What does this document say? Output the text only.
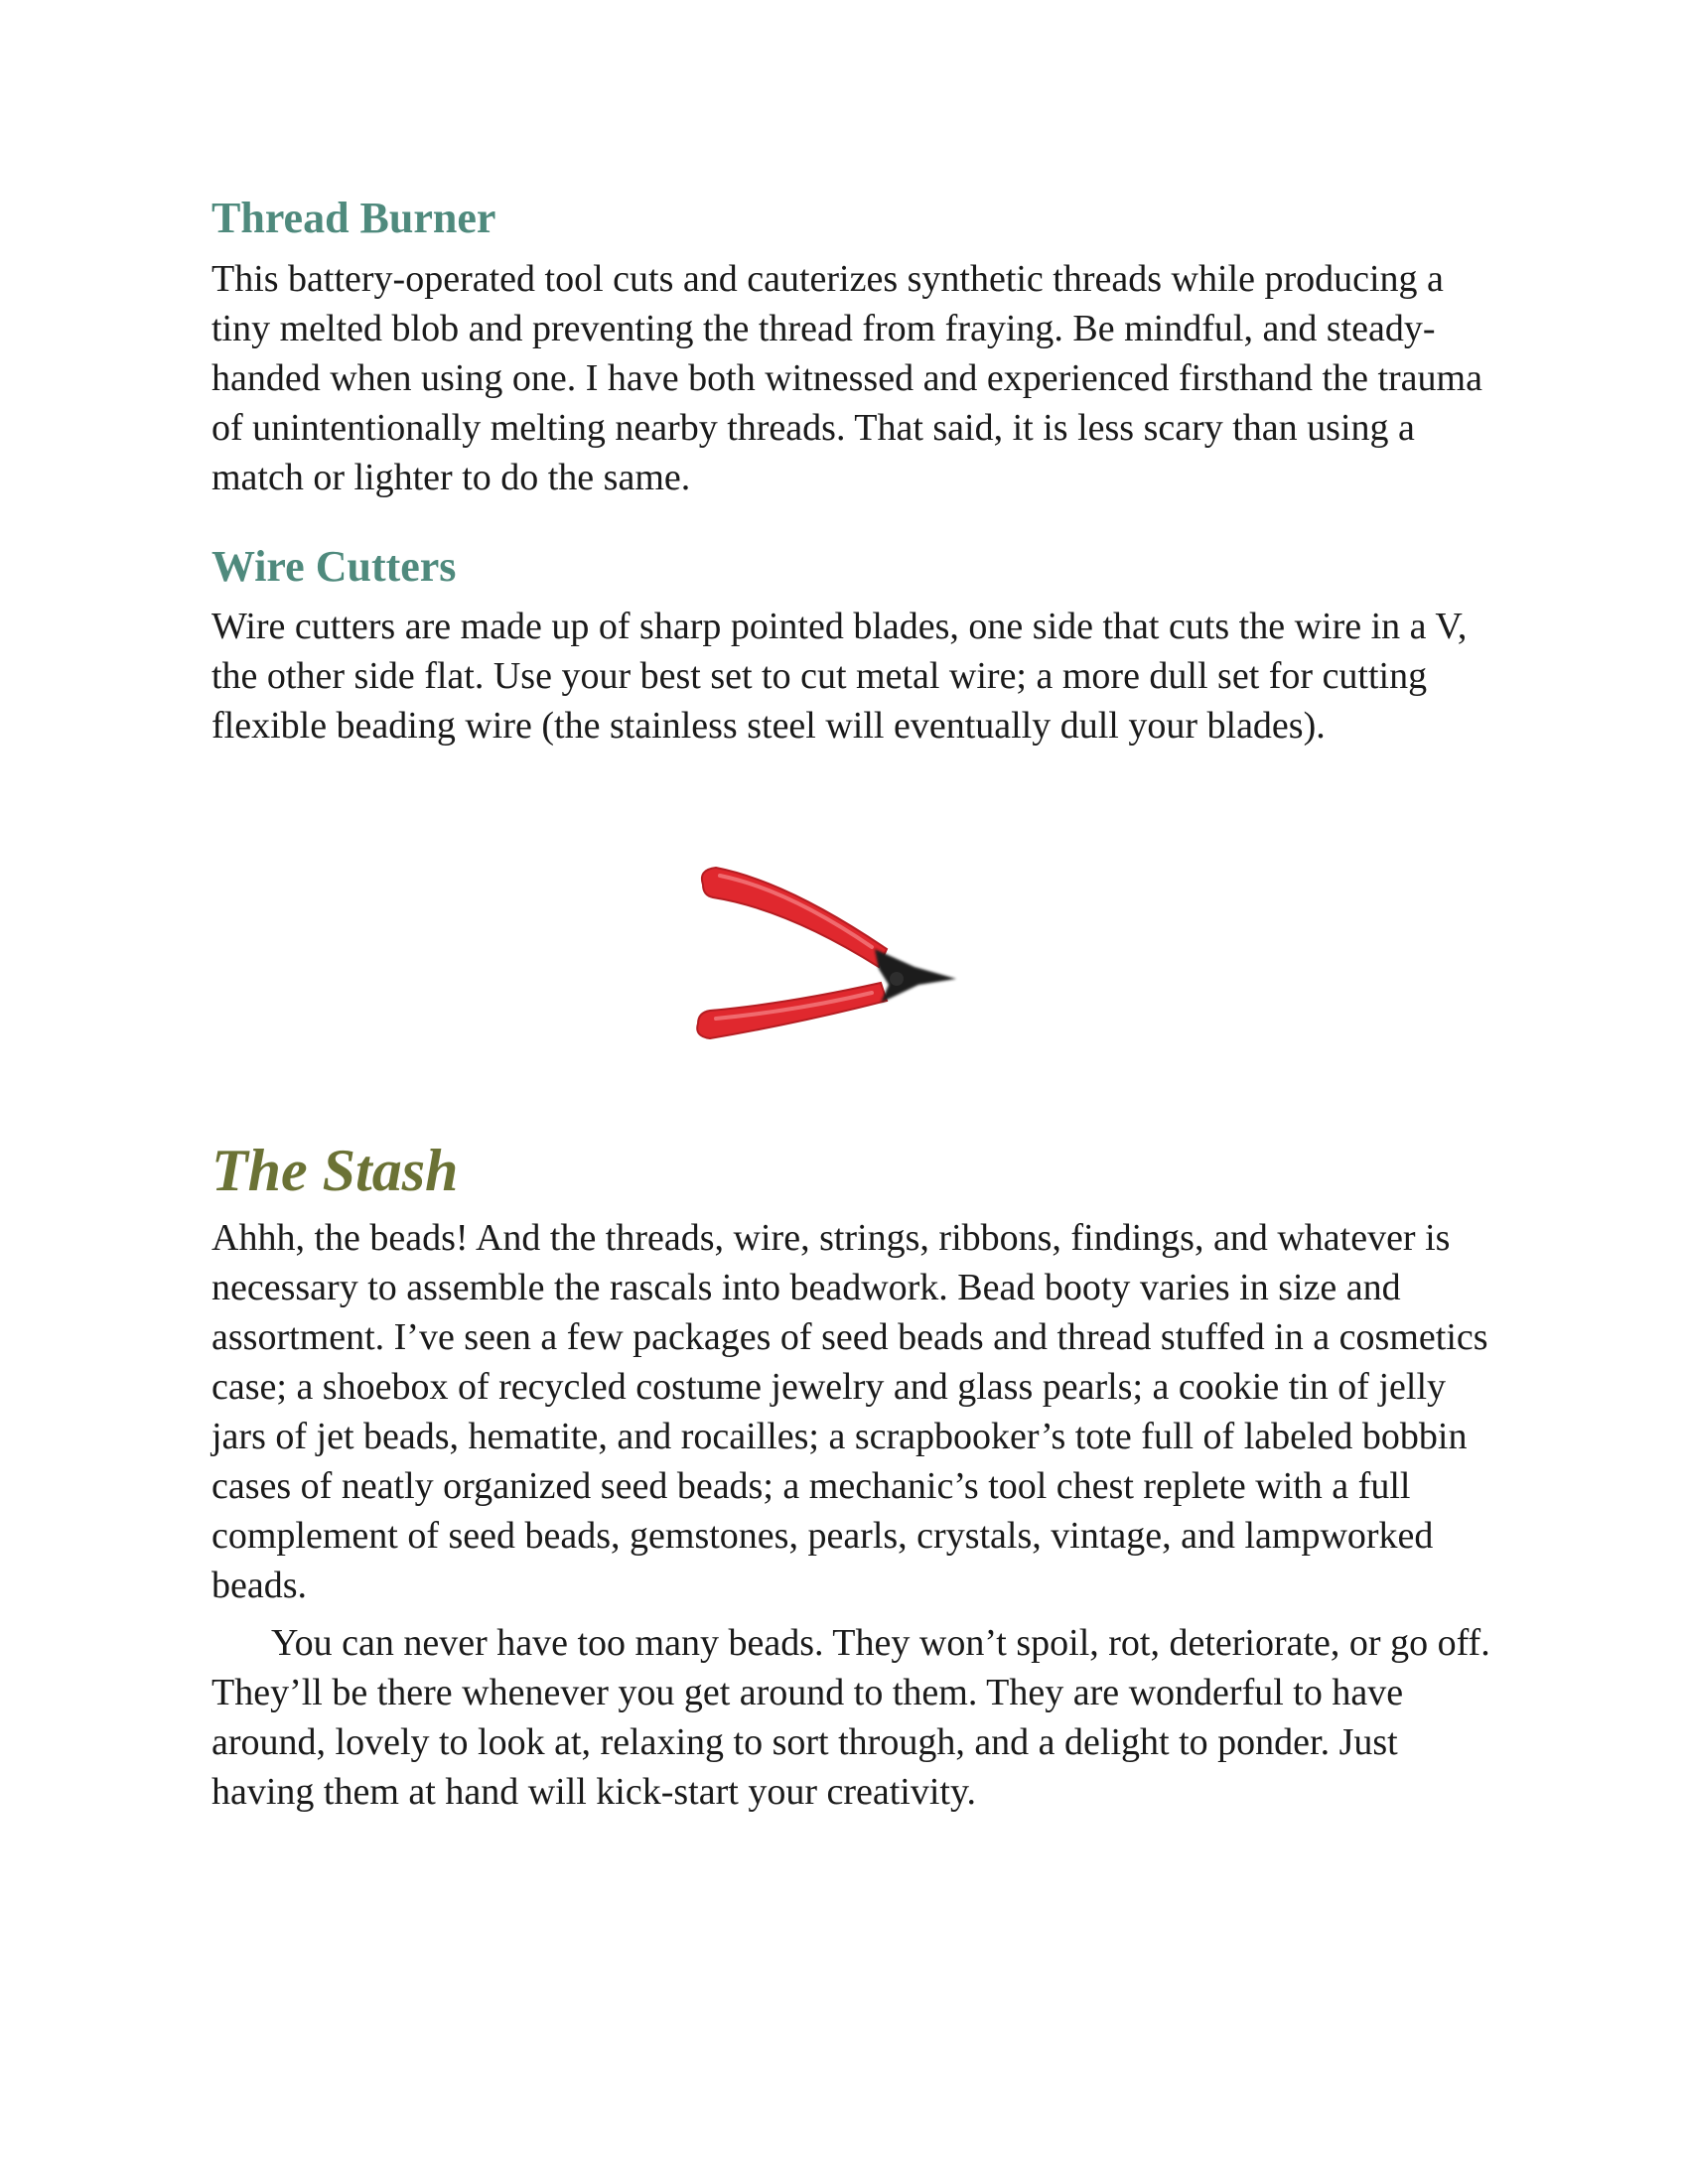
Thread Burner

This battery-operated tool cuts and cauterizes synthetic threads while producing a tiny melted blob and preventing the thread from fraying. Be mindful, and steady-handed when using one. I have both witnessed and experienced firsthand the trauma of unintentionally melting nearby threads. That said, it is less scary than using a match or lighter to do the same.

Wire Cutters

Wire cutters are made up of sharp pointed blades, one side that cuts the wire in a V, the other side flat. Use your best set to cut metal wire; a more dull set for cutting flexible beading wire (the stainless steel will eventually dull your blades).

The Stash

Ahhh, the beads! And the threads, wire, strings, ribbons, findings, and whatever is necessary to assemble the rascals into beadwork. Bead booty varies in size and assortment. I’ve seen a few packages of seed beads and thread stuffed in a cosmetics case; a shoebox of recycled costume jewelry and glass pearls; a cookie tin of jelly jars of jet beads, hematite, and rocailles; a scrapbooker’s tote full of labeled bobbin cases of neatly organized seed beads; a mechanic’s tool chest replete with a full complement of seed beads, gemstones, pearls, crystals, vintage, and lampworked beads.

You can never have too many beads. They won’t spoil, rot, deteriorate, or go off. They’ll be there whenever you get around to them. They are wonderful to have around, lovely to look at, relaxing to sort through, and a delight to ponder. Just having them at hand will kick-start your creativity.
